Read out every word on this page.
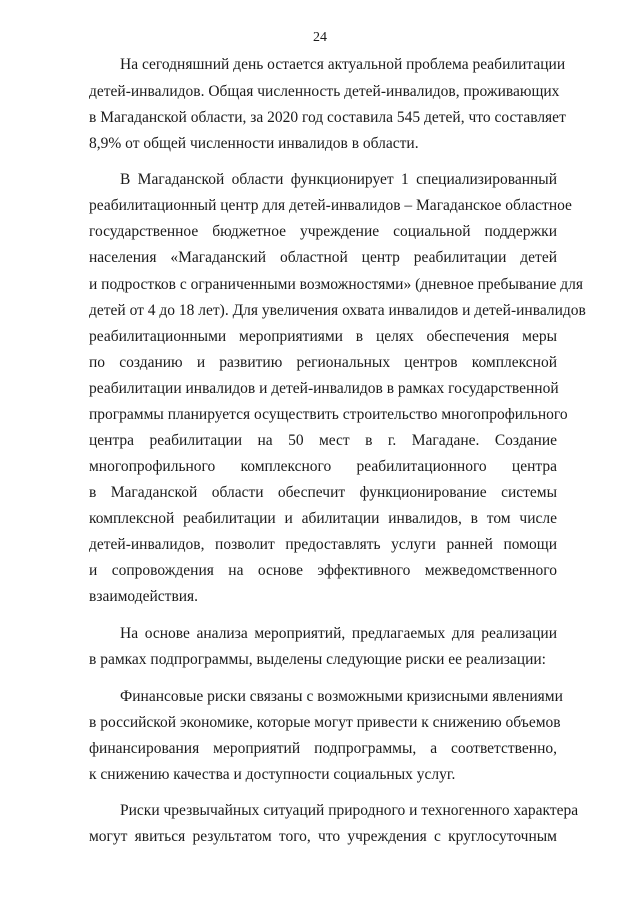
24
На сегодняшний день остается актуальной проблема реабилитации
детей-инвалидов. Общая численность детей-инвалидов, проживающих
в Магаданской области, за 2020 год составила 545 детей, что составляет
8,9% от общей численности инвалидов в области.
В Магаданской области функционирует 1 специализированный
реабилитационный центр для детей-инвалидов – Магаданское областное
государственное бюджетное учреждение социальной поддержки
населения «Магаданский областной центр реабилитации детей
и подростков с ограниченными возможностями» (дневное пребывание для
детей от 4 до 18 лет). Для увеличения охвата инвалидов и детей-инвалидов
реабилитационными мероприятиями в целях обеспечения меры
по созданию и развитию региональных центров комплексной
реабилитации инвалидов и детей-инвалидов в рамках государственной
программы планируется осуществить строительство многопрофильного
центра реабилитации на 50 мест в г. Магадане. Создание
многопрофильного комплексного реабилитационного центра
в Магаданской области обеспечит функционирование системы
комплексной реабилитации и абилитации инвалидов, в том числе
детей-инвалидов, позволит предоставлять услуги ранней помощи
и сопровождения на основе эффективного межведомственного
взаимодействия.
На основе анализа мероприятий, предлагаемых для реализации
в рамках подпрограммы, выделены следующие риски ее реализации:
Финансовые риски связаны с возможными кризисными явлениями
в российской экономике, которые могут привести к снижению объемов
финансирования мероприятий подпрограммы, а соответственно,
к снижению качества и доступности социальных услуг.
Риски чрезвычайных ситуаций природного и техногенного характера
могут явиться результатом того, что учреждения с круглосуточным
